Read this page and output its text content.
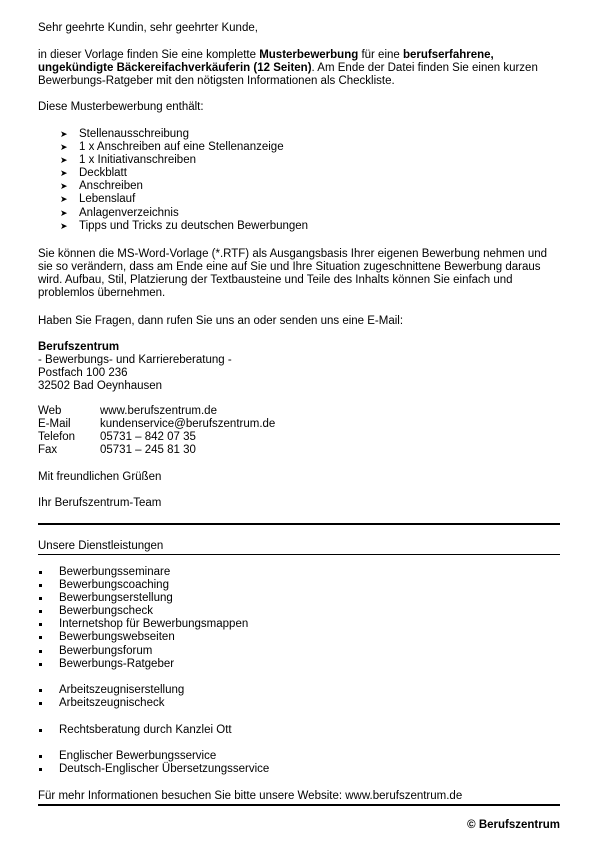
Sehr geehrte Kundin, sehr geehrter Kunde,

in dieser Vorlage finden Sie eine komplette Musterbewerbung für eine berufserfahrene, ungekündigte Bäckereifachverkäuferin (12 Seiten). Am Ende der Datei finden Sie einen kurzen Bewerbungs-Ratgeber mit den nötigsten Informationen als Checkliste.

Diese Musterbewerbung enthält:

➤ Stellenausschreibung
➤ 1 x Anschreiben auf eine Stellenanzeige
➤ 1 x Initiativanschreiben
➤ Deckblatt
➤ Anschreiben
➤ Lebenslauf
➤ Anlagenverzeichnis
➤ Tipps und Tricks zu deutschen Bewerbungen

Sie können die MS-Word-Vorlage (*.RTF) als Ausgangsbasis Ihrer eigenen Bewerbung nehmen und sie so verändern, dass am Ende eine auf Sie und Ihre Situation zugeschnittene Bewerbung daraus wird. Aufbau, Stil, Platzierung der Textbausteine und Teile des Inhalts können Sie einfach und problemlos übernehmen.

Haben Sie Fragen, dann rufen Sie uns an oder senden uns eine E-Mail:

Berufszentrum

- Bewerbungs- und Karriereberatung -

Postfach 100 236

32502 Bad Oeynhausen

Web	www.berufszentrum.de
E-Mail	kundenservice@berufszentrum.de
Telefon	05731 – 842 07 35
Fax	05731 – 245 81 30

Mit freundlichen Grüßen

Ihr Berufszentrum-Team

Unsere Dienstleistungen

Bewerbungsseminare
Bewerbungscoaching
Bewerbungserstellung
Bewerbungscheck
Internetshop für Bewerbungsmappen
Bewerbungswebseiten
Bewerbungsforum
Bewerbungs-Ratgeber
Arbeitszeugniserstellung
Arbeitszeugnischeck
Rechtsberatung durch Kanzlei Ott
Englischer Bewerbungsservice
Deutsch-Englischer Übersetzungsservice

Für mehr Informationen besuchen Sie bitte unsere Website: www.berufszentrum.de

© Berufszentrum
